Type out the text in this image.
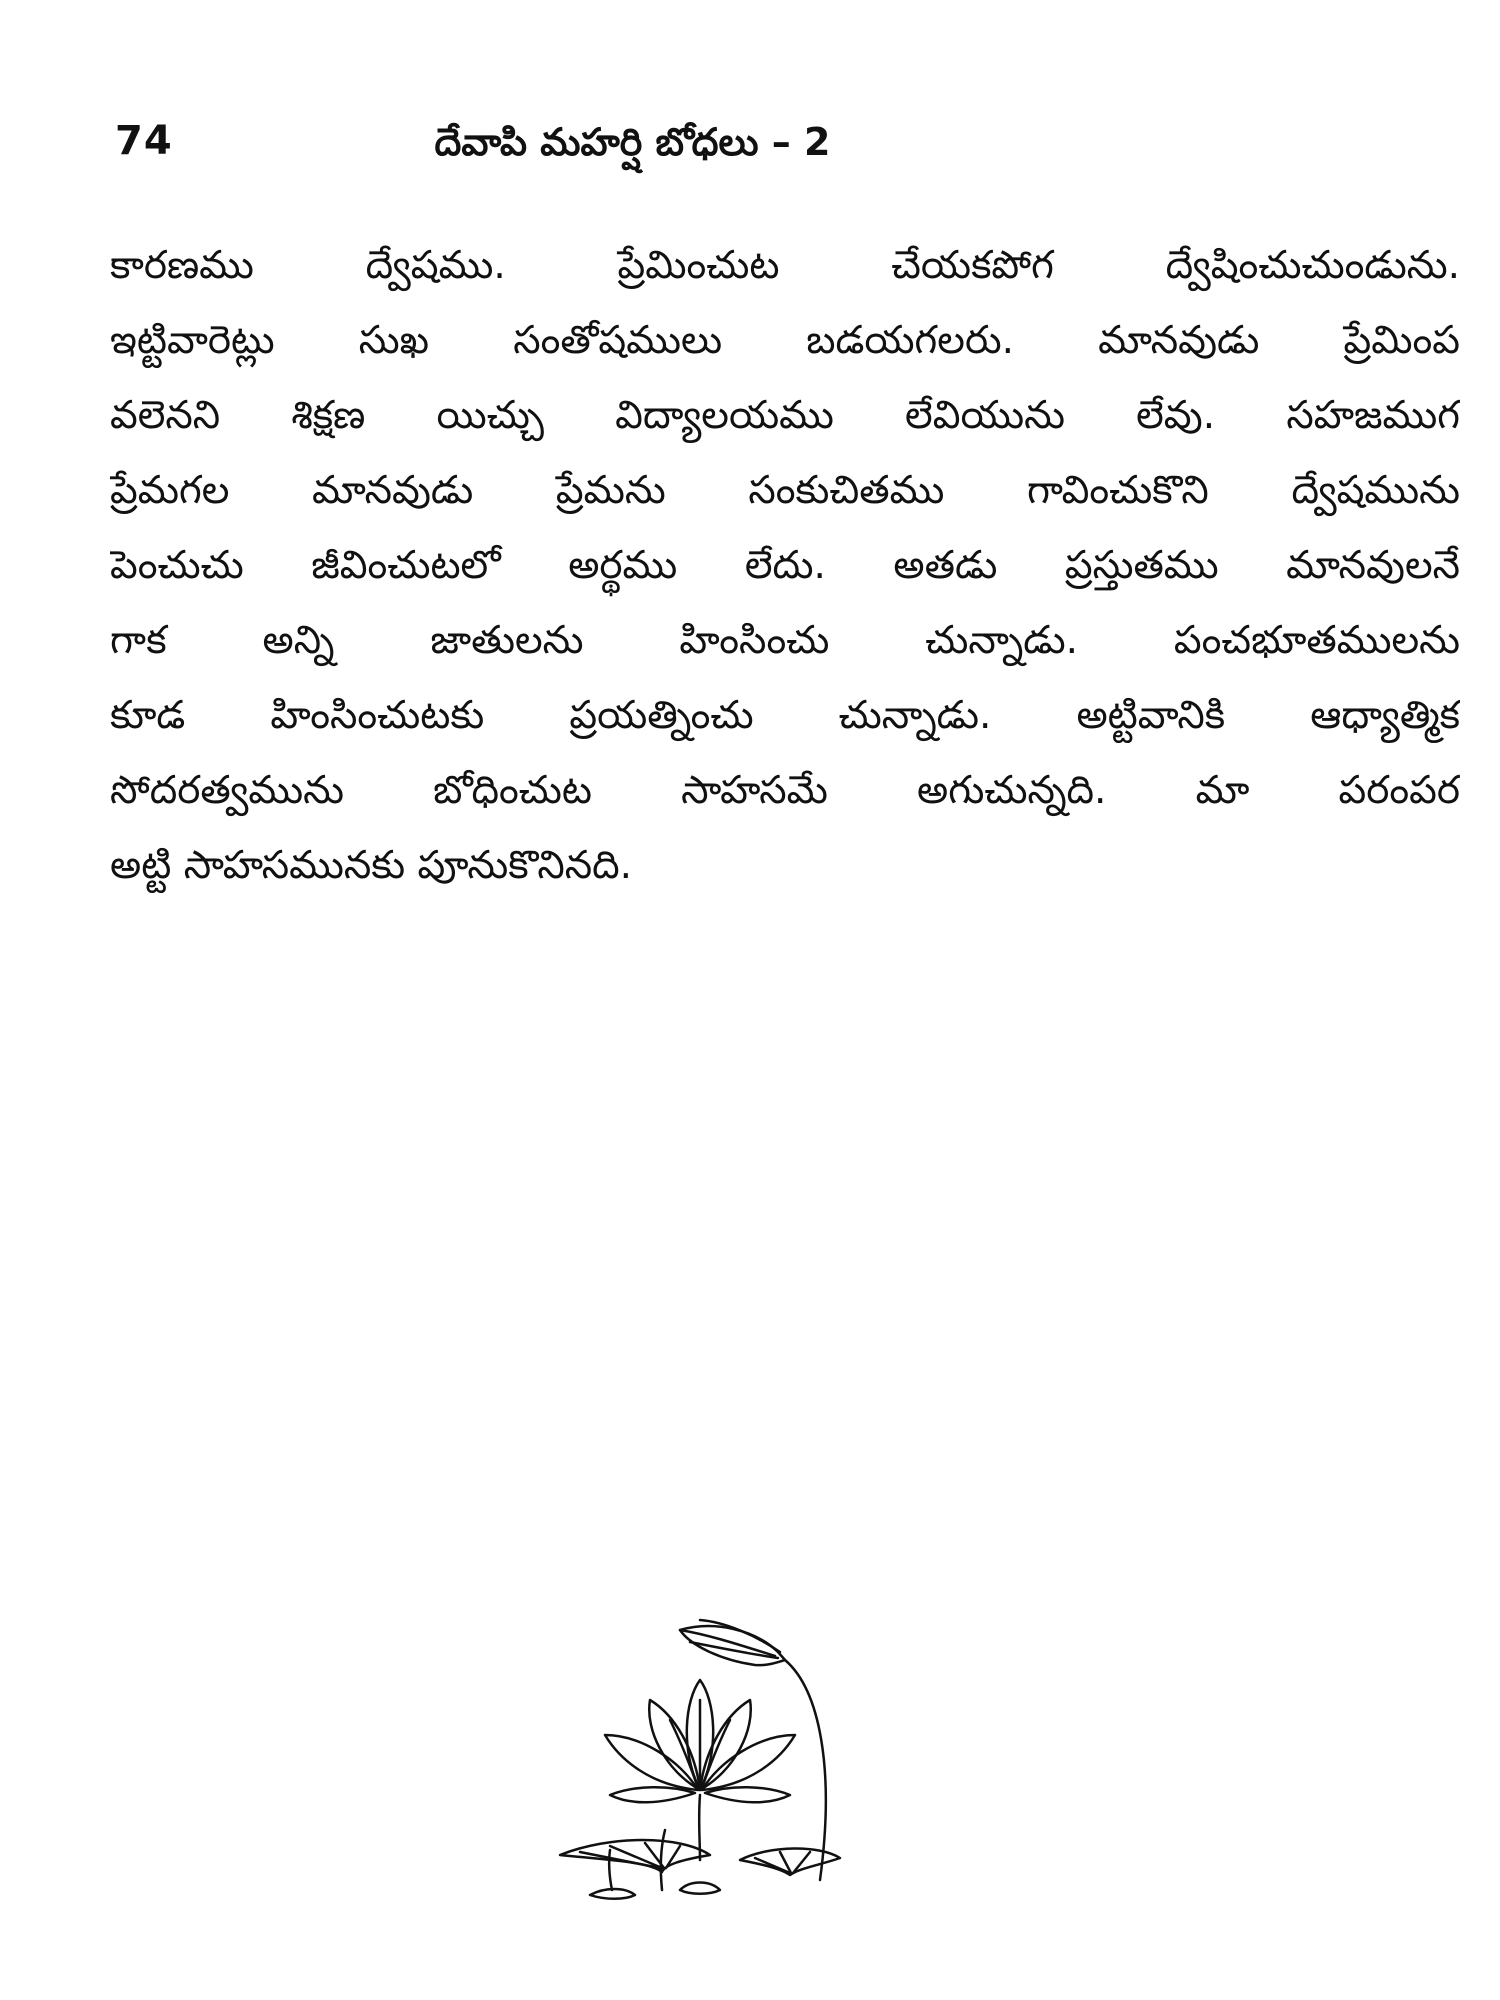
74	దేవాపి మహర్షి బోధలు – 2
కారణము ద్వేషము. ప్రేమించుట చేయకపోగ ద్వేషించుచుండును.
ఇట్టివారెట్లు సుఖ సంతోషములు బడయగలరు. మానవుడు ప్రేమింప
వలెనని శిక్షణ యిచ్చు విద్యాలయము లేవియును లేవు. సహజముగ
ప్రేమగల మానవుడు ప్రేమను సంకుచితము గావించుకొని ద్వేషమును
పెంచుచు జీవించుటలో అర్థము లేదు. అతడు ప్రస్తుతము మానవులనే
గాక అన్ని జాతులను హింసించు చున్నాడు. పంచభూతములను
కూడ హింసించుటకు ప్రయత్నించు చున్నాడు. అట్టివానికి ఆధ్యాత్మిక
సోదరత్వమును బోధించుట సాహసమే అగుచున్నది. మా పరంపర
అట్టి సాహసమునకు పూనుకొనినది.
